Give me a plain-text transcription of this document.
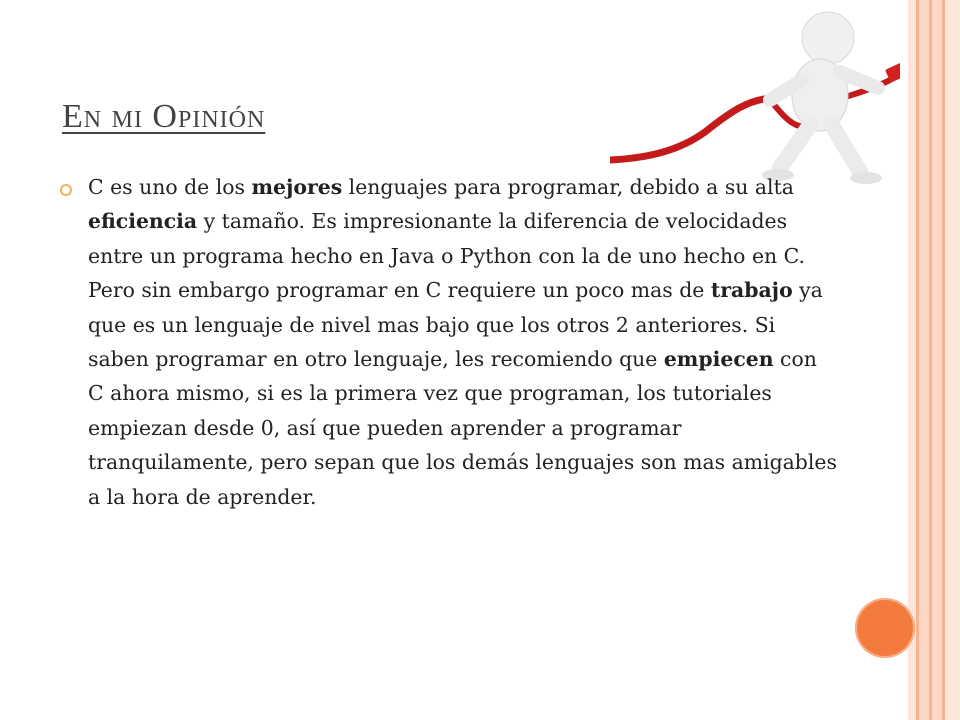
En mi Opinión
C es uno de los mejores lenguajes para programar, debido a su alta eficiencia y tamaño. Es impresionante la diferencia de velocidades entre un programa hecho en Java o Python con la de uno hecho en C. Pero sin embargo programar en C requiere un poco mas de trabajo ya que es un lenguaje de nivel mas bajo que los otros 2 anteriores. Si saben programar en otro lenguaje, les recomiendo que empiecen con C ahora mismo, si es la primera vez que programan, los tutoriales empiezan desde 0, así que pueden aprender a programar tranquilamente, pero sepan que los demás lenguajes son mas amigables a la hora de aprender.
